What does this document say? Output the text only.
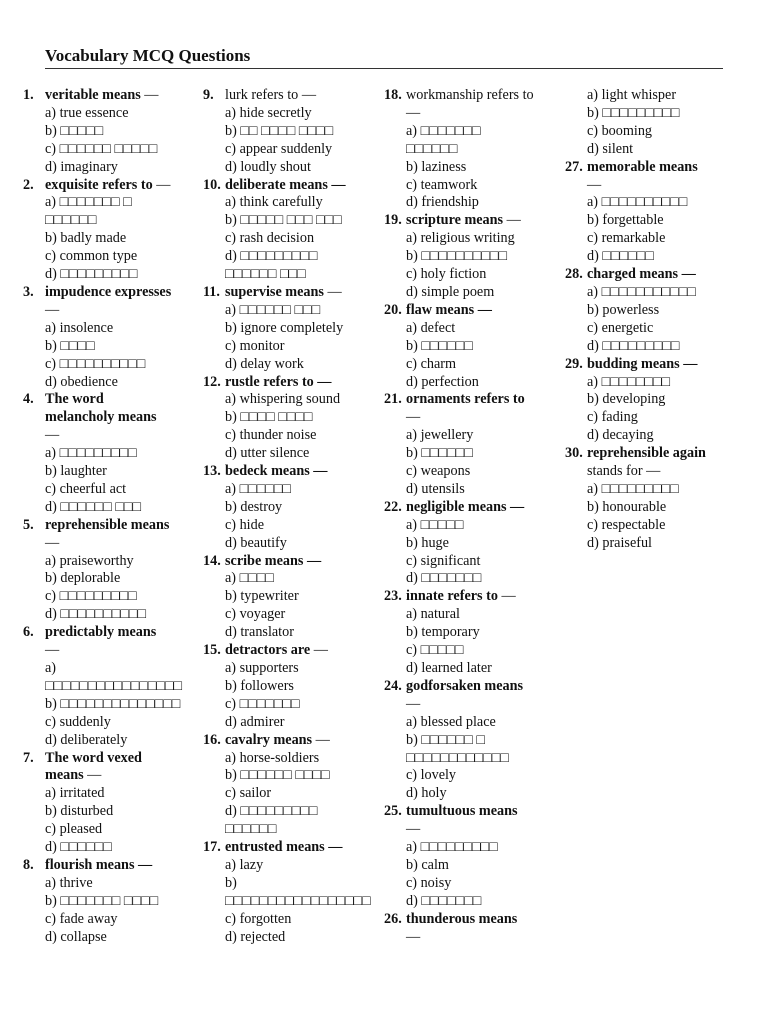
Vocabulary MCQ Questions
1. veritable means —
a) true essence
b) □□□□□
c) □□□□□□ □□□□□
d) imaginary
2. exquisite refers to —
a) □□□□□□□ □
□□□□□□
b) badly made
c) common type
d) □□□□□□□□□
3. impudence expresses
—
a) insolence
b) □□□□
c) □□□□□□□□□□
d) obedience
4. The word
melancholy means
—
a) □□□□□□□□□
b) laughter
c) cheerful act
d) □□□□□□ □□□
5. reprehensible means
—
a) praiseworthy
b) deplorable
c) □□□□□□□□□
d) □□□□□□□□□□
6. predictably means
—
a)
□□□□□□□□□□□□□□□□
b) □□□□□□□□□□□□□□
c) suddenly
d) deliberately
7. The word vexed
means —
a) irritated
b) disturbed
c) pleased
d) □□□□□□
8. flourish means —
a) thrive
b) □□□□□□□ □□□□
c) fade away
d) collapse
9. lurk refers to —
a) hide secretly
b) □□ □□□□ □□□□
c) appear suddenly
d) loudly shout
10. deliberate means —
a) think carefully
b) □□□□□ □□□ □□□
c) rash decision
d) □□□□□□□□□
□□□□□□ □□□
11. supervise means —
a) □□□□□□ □□□
b) ignore completely
c) monitor
d) delay work
12. rustle refers to —
a) whispering sound
b) □□□□ □□□□
c) thunder noise
d) utter silence
13. bedeck means —
a) □□□□□□
b) destroy
c) hide
d) beautify
14. scribe means —
a) □□□□
b) typewriter
c) voyager
d) translator
15. detractors are —
a) supporters
b) followers
c) □□□□□□□
d) admirer
16. cavalry means —
a) horse-soldiers
b) □□□□□□ □□□□
c) sailor
d) □□□□□□□□□
□□□□□□
17. entrusted means —
a) lazy
b)
□□□□□□□□□□□□□□□□□
c) forgotten
d) rejected
18. workmanship refers to
—
a) □□□□□□□
□□□□□□
b) laziness
c) teamwork
d) friendship
19. scripture means —
a) religious writing
b) □□□□□□□□□□
c) holy fiction
d) simple poem
20. flaw means —
a) defect
b) □□□□□□
c) charm
d) perfection
21. ornaments refers to
—
a) jewellery
b) □□□□□□
c) weapons
d) utensils
22. negligible means —
a) □□□□□
b) huge
c) significant
d) □□□□□□□
23. innate refers to —
a) natural
b) temporary
c) □□□□□
d) learned later
24. godforsaken means
—
a) blessed place
b) □□□□□□ □
□□□□□□□□□□□□
c) lovely
d) holy
25. tumultuous means
—
a) □□□□□□□□□
b) calm
c) noisy
d) □□□□□□□
26. thunderous means
—
a) light whisper
b) □□□□□□□□□
c) booming
d) silent
27. memorable means
—
a) □□□□□□□□□□
b) forgettable
c) remarkable
d) □□□□□□
28. charged means —
a) □□□□□□□□□□□
b) powerless
c) energetic
d) □□□□□□□□□
29. budding means —
a) □□□□□□□□
b) developing
c) fading
d) decaying
30. reprehensible again
stands for —
a) □□□□□□□□□
b) honourable
c) respectable
d) praiseful
